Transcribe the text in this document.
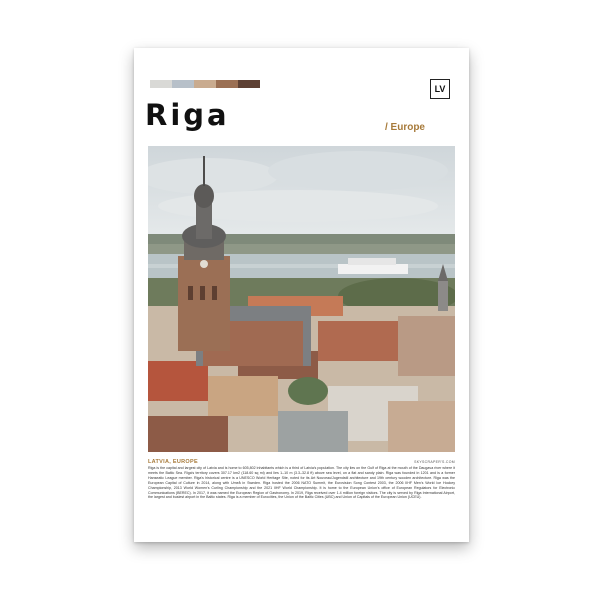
LV
Riga	/ Europe
LATVIA, EUROPE	SKYSCRAPER'S.COM
Riga is the capital and largest city of Latvia and is home to 605,802 inhabitants which is a third of Latvia's population. The city lies on the Gulf of Riga at the mouth of the Daugava river where it meets the Baltic Sea. Riga's territory covers 307.17 km2 (118.60 sq mi) and lies 1–10 m (3.3–32.8 ft) above sea level, on a flat and sandy plain. Riga was founded in 1201 and is a former Hanseatic League member. Riga's historical centre is a UNESCO World Heritage Site, noted for its Art Nouveau/Jugendstil architecture and 19th century wooden architecture. Riga was the European Capital of Culture in 2014, along with Umeå in Sweden. Riga hosted the 2006 NATO Summit, the Eurovision Song Contest 2003, the 2006 IIHF Men's World Ice Hockey Championship, 2013 World Women's Curling Championship and the 2021 IIHF World Championship. It is home to the European Union's office of European Regulators for Electronic Communications (BEREC). In 2017, it was named the European Region of Gastronomy. In 2019, Riga received over 1.4 million foreign visitors. The city is served by Riga International Airport, the largest and busiest airport in the Baltic states. Riga is a member of Eurocities, the Union of the Baltic Cities (UBC) and Union of Capitals of the European Union (UCEU).
